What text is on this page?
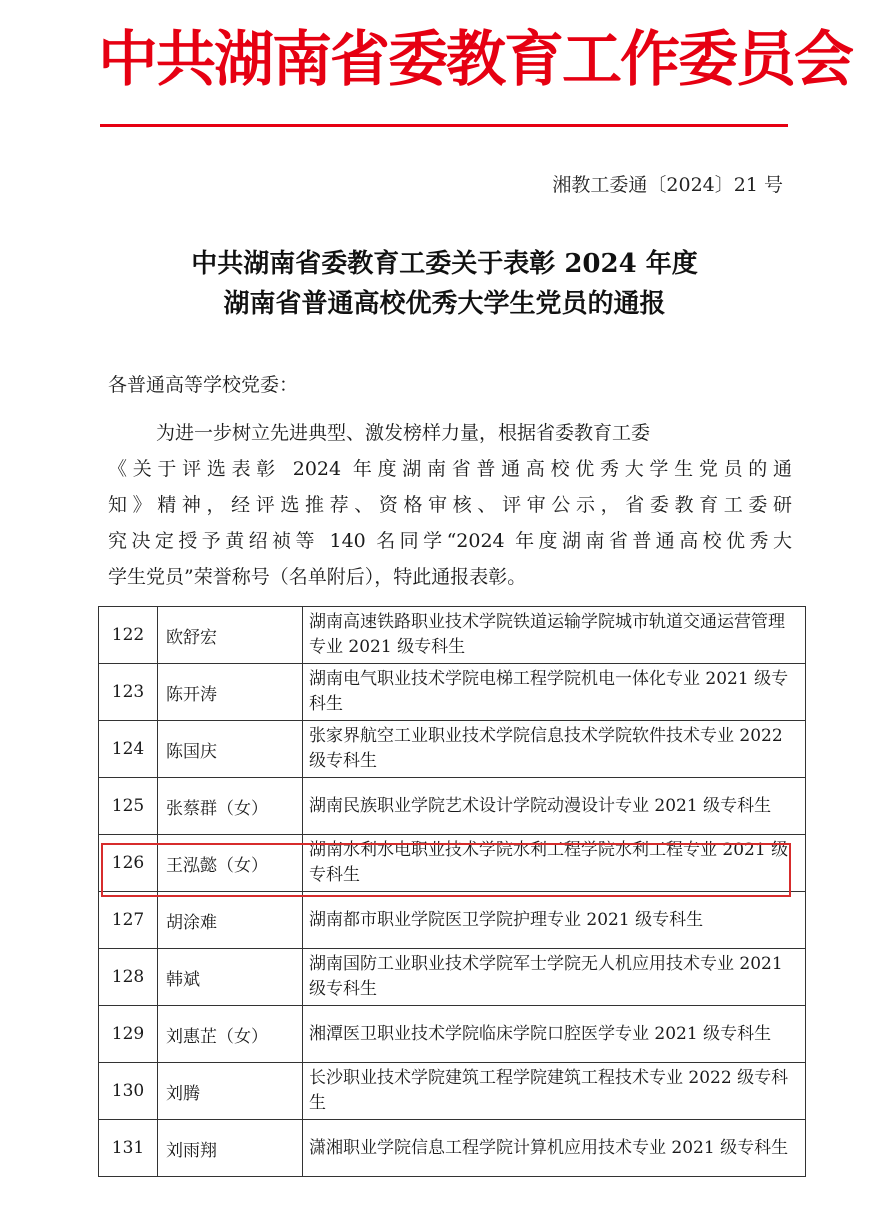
中共湖南省委教育工作委员会
湘教工委通〔2024〕21 号
中共湖南省委教育工委关于表彰 2024 年度
湖南省普通高校优秀大学生党员的通报
各普通高等学校党委：
为进一步树立先进典型、激发榜样力量，根据省委教育工委
《关于评选表彰 2024 年度湖南省普通高校优秀大学生党员的通
知》精神，经评选推荐、资格审核、评审公示，省委教育工委研
究决定授予黄绍祯等 140 名同学“2024 年度湖南省普通高校优秀大
学生党员”荣誉称号（名单附后），特此通报表彰。
122	欧舒宏	湖南高速铁路职业技术学院铁道运输学院城市轨道交通运营管理专业 2021 级专科生
123	陈开涛	湖南电气职业技术学院电梯工程学院机电一体化专业 2021 级专科生
124	陈国庆	张家界航空工业职业技术学院信息技术学院软件技术专业 2022 级专科生
125	张蔡群（女）	湖南民族职业学院艺术设计学院动漫设计专业 2021 级专科生
126	王泓懿（女）	湖南水利水电职业技术学院水利工程学院水利工程专业 2021 级专科生
127	胡涂难	湖南都市职业学院医卫学院护理专业 2021 级专科生
128	韩斌	湖南国防工业职业技术学院军士学院无人机应用技术专业 2021 级专科生
129	刘惠芷（女）	湘潭医卫职业技术学院临床学院口腔医学专业 2021 级专科生
130	刘腾	长沙职业技术学院建筑工程学院建筑工程技术专业 2022 级专科生
131	刘雨翔	潇湘职业学院信息工程学院计算机应用技术专业 2021 级专科生
